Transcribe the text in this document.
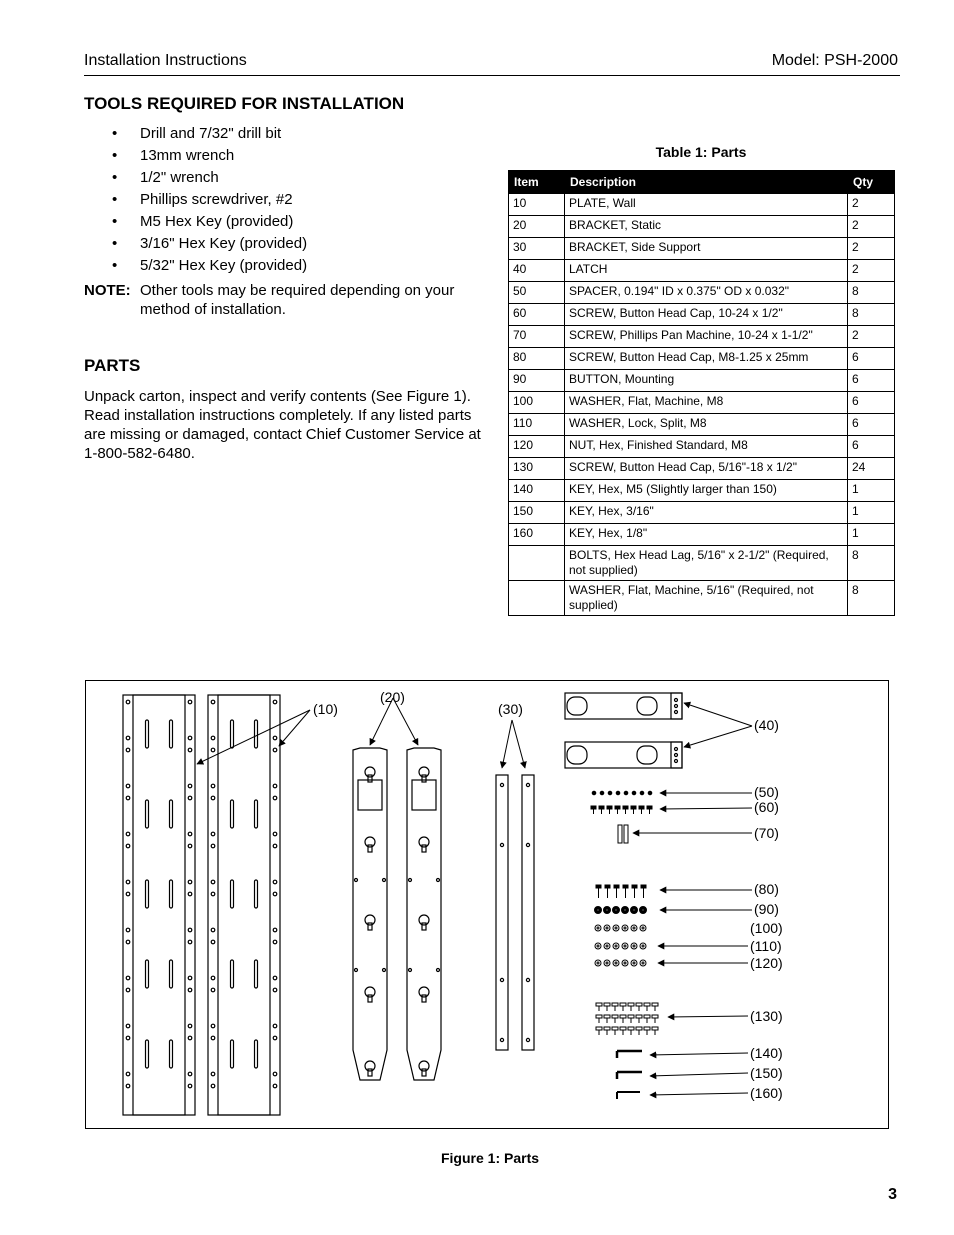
Installation Instructions	Model: PSH-2000
TOOLS REQUIRED FOR INSTALLATION
• Drill and 7/32" drill bit
• 13mm wrench
• 1/2" wrench
• Phillips screwdriver, #2
• M5 Hex Key (provided)
• 3/16" Hex Key (provided)
• 5/32" Hex Key (provided)
NOTE: Other tools may be required depending on your method of installation.
PARTS

Unpack carton, inspect and verify contents (See Figure 1). Read installation instructions completely. If any listed parts are missing or damaged, contact Chief Customer Service at 1-800-582-6480.

Table 1: Parts
Item	Description	Qty
10	PLATE, Wall	2
20	BRACKET, Static	2
30	BRACKET, Side Support	2
40	LATCH	2
50	SPACER, 0.194" ID x 0.375" OD x 0.032"	8
60	SCREW, Button Head Cap, 10-24 x 1/2"	8
70	SCREW, Phillips Pan Machine, 10-24 x 1-1/2"	2
80	SCREW, Button Head Cap, M8-1.25 x 25mm	6
90	BUTTON, Mounting	6
100	WASHER, Flat, Machine, M8	6
110	WASHER, Lock, Split, M8	6
120	NUT, Hex, Finished Standard, M8	6
130	SCREW, Button Head Cap, 5/16"-18 x 1/2"	24
140	KEY, Hex, M5 (Slightly larger than 150)	1
150	KEY, Hex, 3/16"	1
160	KEY, Hex, 1/8"	1
	BOLTS, Hex Head Lag, 5/16" x 2-1/2" (Required, not supplied)	8
	WASHER, Flat, Machine, 5/16" (Required, not supplied)	8
(10)
(20)
(30)
(40)
(50)
(60)
(70)
(80)
(90)
(100)
(110)
(120)
(130)
(140)
(150)
(160)
Figure 1: Parts
3
